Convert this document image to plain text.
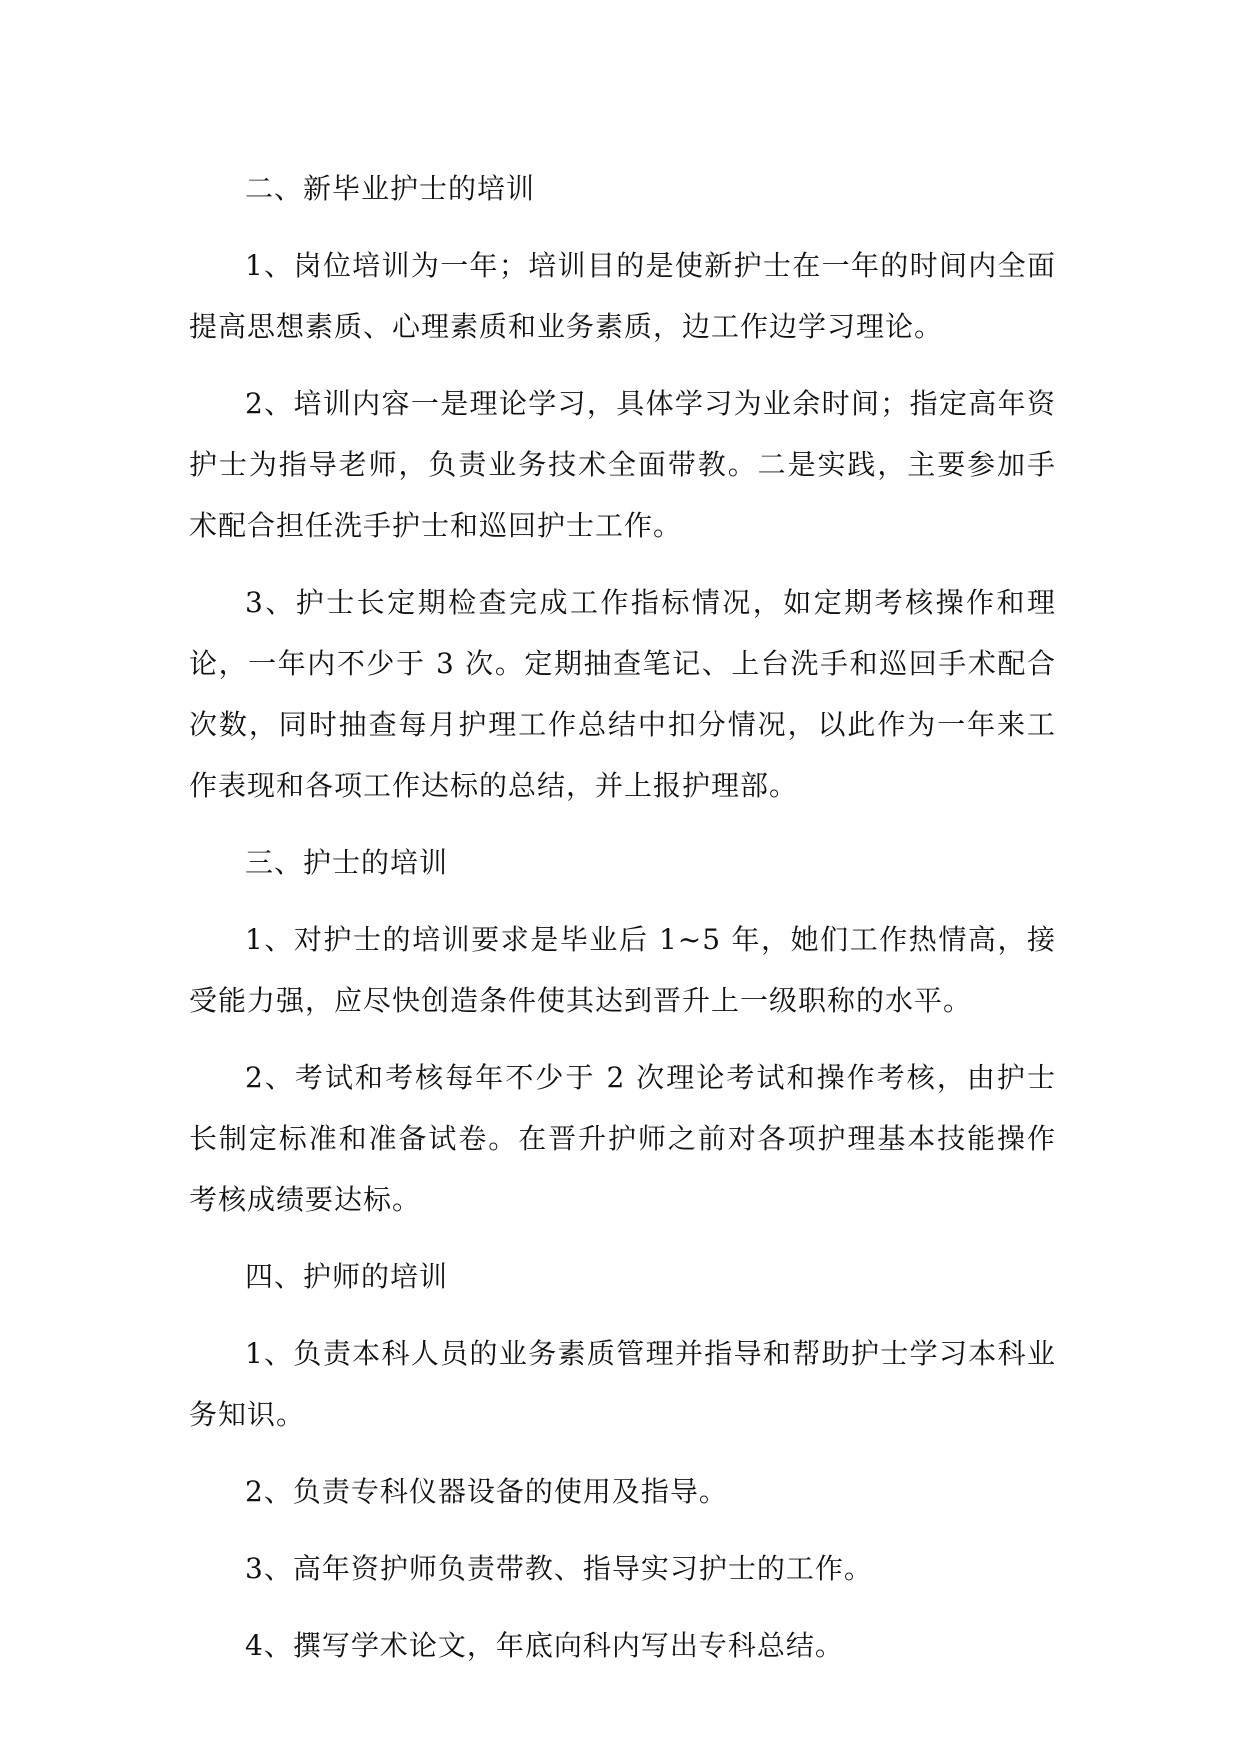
二、新毕业护士的培训

1、岗位培训为一年；培训目的是使新护士在一年的时间内全面提高思想素质、心理素质和业务素质，边工作边学习理论。

2、培训内容一是理论学习，具体学习为业余时间；指定高年资护士为指导老师，负责业务技术全面带教。二是实践，主要参加手术配合担任洗手护士和巡回护士工作。

3、护士长定期检查完成工作指标情况，如定期考核操作和理论，一年内不少于 3 次。定期抽查笔记、上台洗手和巡回手术配合次数，同时抽查每月护理工作总结中扣分情况，以此作为一年来工作表现和各项工作达标的总结，并上报护理部。

三、护士的培训

1、对护士的培训要求是毕业后 1~5 年，她们工作热情高，接受能力强，应尽快创造条件使其达到晋升上一级职称的水平。

2、考试和考核每年不少于 2 次理论考试和操作考核，由护士长制定标准和准备试卷。在晋升护师之前对各项护理基本技能操作考核成绩要达标。

四、护师的培训

1、负责本科人员的业务素质管理并指导和帮助护士学习本科业务知识。

2、负责专科仪器设备的使用及指导。

3、高年资护师负责带教、指导实习护士的工作。

4、撰写学术论文，年底向科内写出专科总结。
